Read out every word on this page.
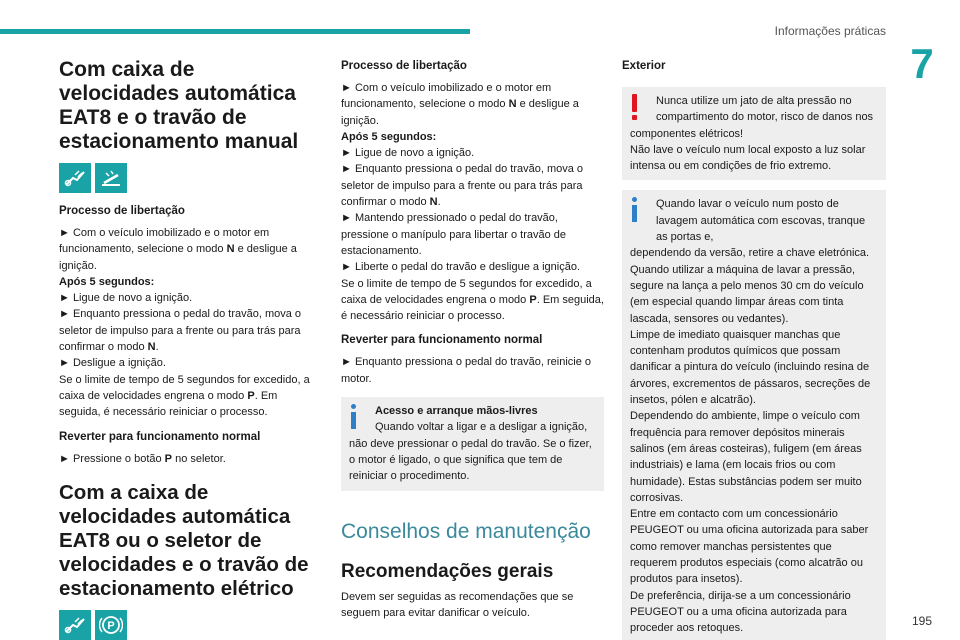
Informações práticas
7
Com caixa de velocidades automática EAT8 e o travão de estacionamento manual
Processo de libertação
► Com o veículo imobilizado e o motor em funcionamento, selecione o modo N e desligue a ignição.
Após 5 segundos:
► Ligue de novo a ignição.
► Enquanto pressiona o pedal do travão, mova o seletor de impulso para a frente ou para trás para confirmar o modo N.
► Desligue a ignição.
Se o limite de tempo de 5 segundos for excedido, a caixa de velocidades engrena o modo P. Em seguida, é necessário reiniciar o processo.
Reverter para funcionamento normal
► Pressione o botão P no seletor.
Com a caixa de velocidades automática EAT8 ou o seletor de velocidades e o travão de estacionamento elétrico
P
Processo de libertação
► Com o veículo imobilizado e o motor em funcionamento, selecione o modo N e desligue a ignição.
Após 5 segundos:
► Ligue de novo a ignição.
► Enquanto pressiona o pedal do travão, mova o seletor de impulso para a frente ou para trás para confirmar o modo N.
► Mantendo pressionado o pedal do travão, pressione o manípulo para libertar o travão de estacionamento.
► Liberte o pedal do travão e desligue a ignição.
Se o limite de tempo de 5 segundos for excedido, a caixa de velocidades engrena o modo P. Em seguida, é necessário reiniciar o processo.
Reverter para funcionamento normal
► Enquanto pressiona o pedal do travão, reinicie o motor.
Acesso e arranque mãos-livres
Quando voltar a ligar e a desligar a ignição,
não deve pressionar o pedal do travão. Se o fizer, o motor é ligado, o que significa que tem de reiniciar o procedimento.
Conselhos de manutenção
Recomendações gerais
Devem ser seguidas as recomendações que se seguem para evitar danificar o veículo.
Exterior
Nunca utilize um jato de alta pressão no compartimento do motor, risco de danos nos
componentes elétricos!
Não lave o veículo num local exposto a luz solar intensa ou em condições de frio extremo.
Quando lavar o veículo num posto de lavagem automática com escovas, tranque as portas e,
dependendo da versão, retire a chave eletrónica.
Quando utilizar a máquina de lavar a pressão, segure na lança a pelo menos 30 cm do veículo (em especial quando limpar áreas com tinta lascada, sensores ou vedantes).
Limpe de imediato quaisquer manchas que contenham produtos químicos que possam danificar a pintura do veículo (incluindo resina de árvores, excrementos de pássaros, secreções de insetos, pólen e alcatrão).
Dependendo do ambiente, limpe o veículo com frequência para remover depósitos minerais salinos (em áreas costeiras), fuligem (em áreas industriais) e lama (em locais frios ou com humidade). Estas substâncias podem ser muito corrosivas.
Entre em contacto com um concessionário PEUGEOT ou uma oficina autorizada para saber como remover manchas persistentes que requerem produtos especiais (como alcatrão ou produtos para insetos).
De preferência, dirija-se a um concessionário PEUGEOT ou a uma oficina autorizada para proceder aos retoques.
195
